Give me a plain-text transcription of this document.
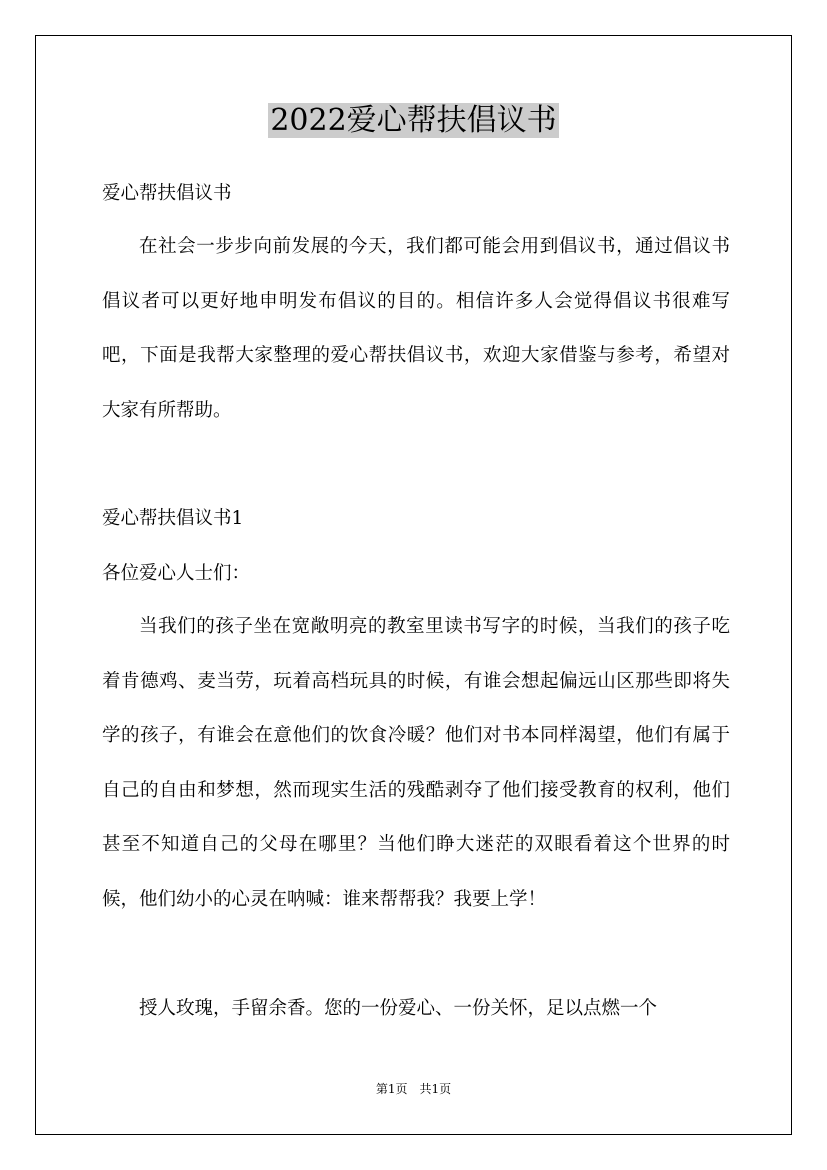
2022爱心帮扶倡议书
爱心帮扶倡议书
在社会一步步向前发展的今天，我们都可能会用到倡议书，通过倡议书倡议者可以更好地申明发布倡议的目的。相信许多人会觉得倡议书很难写吧，下面是我帮大家整理的爱心帮扶倡议书，欢迎大家借鉴与参考，希望对大家有所帮助。
爱心帮扶倡议书1
各位爱心人士们：
当我们的孩子坐在宽敞明亮的教室里读书写字的时候，当我们的孩子吃着肯德鸡、麦当劳，玩着高档玩具的时候，有谁会想起偏远山区那些即将失学的孩子，有谁会在意他们的饮食冷暖？他们对书本同样渴望，他们有属于自己的自由和梦想，然而现实生活的残酷剥夺了他们接受教育的权利，他们甚至不知道自己的父母在哪里？当他们睁大迷茫的双眼看着这个世界的时候，他们幼小的心灵在呐喊：谁来帮帮我？我要上学！
授人玫瑰，手留余香。您的一份爱心、一份关怀，足以点燃一个
第1页　共1页
